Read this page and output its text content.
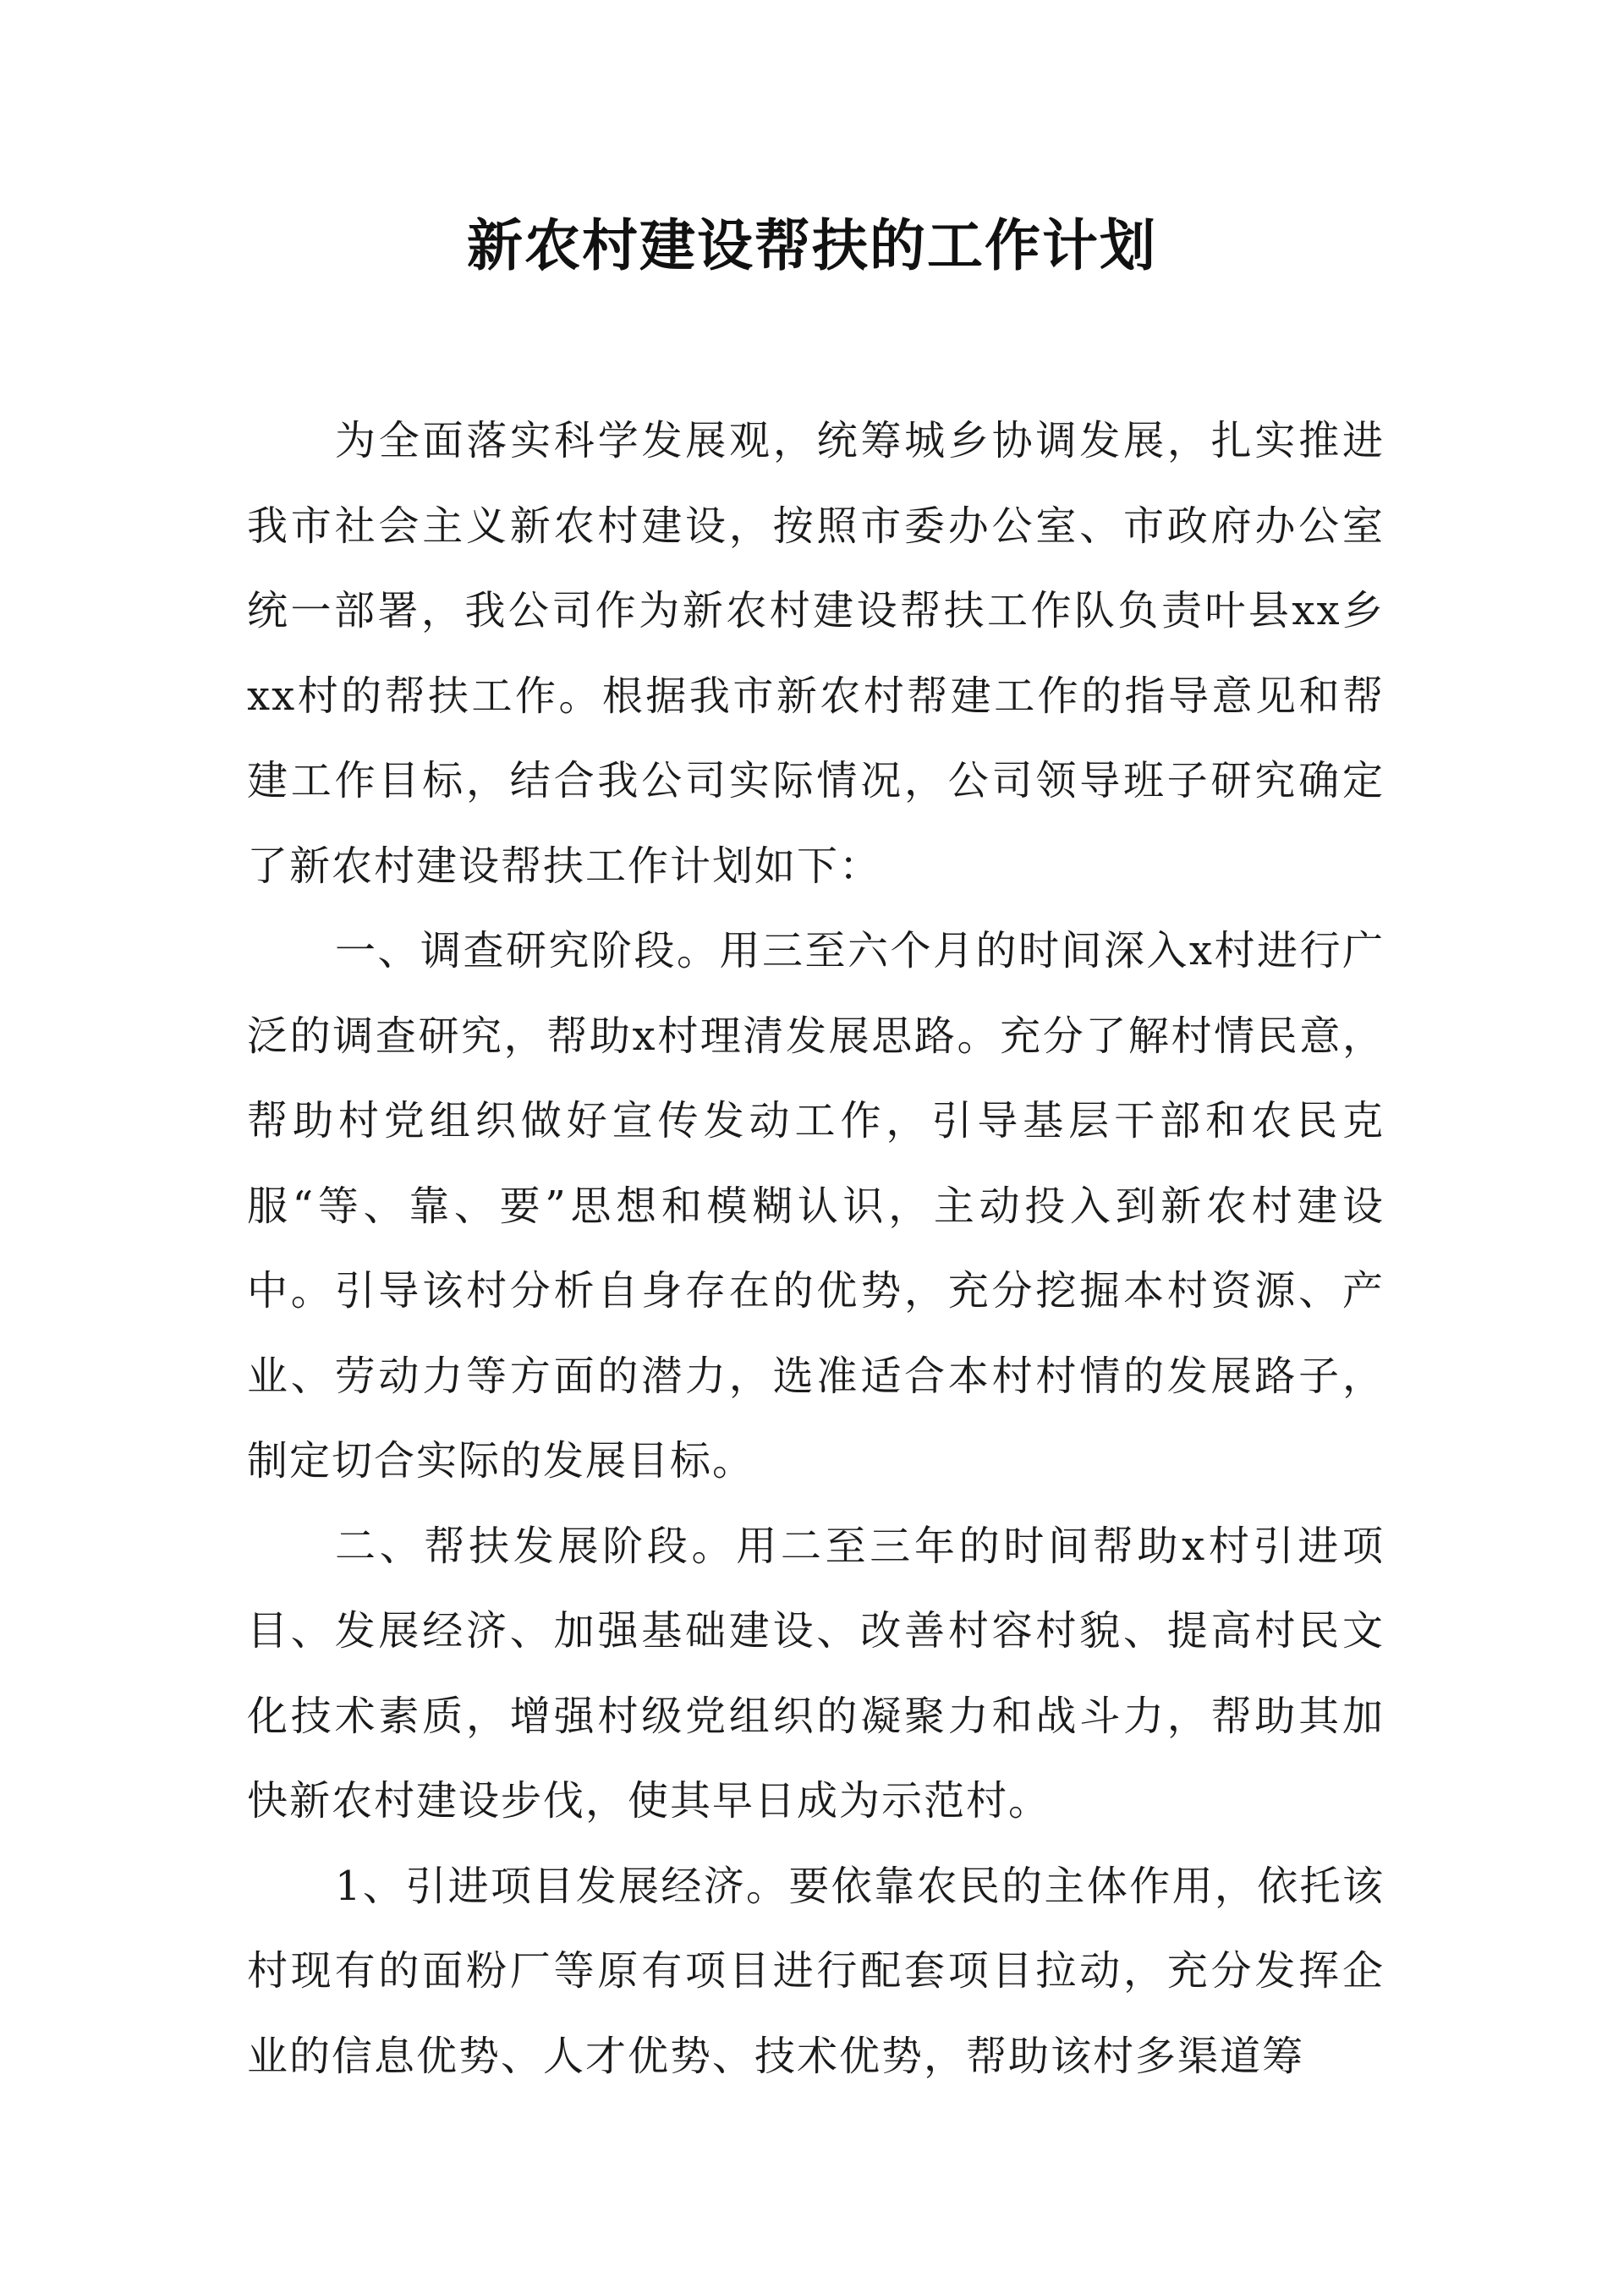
新农村建设帮扶的工作计划

为全面落实科学发展观，统筹城乡协调发展，扎实推进我市社会主义新农村建设，按照市委办公室、市政府办公室统一部署，我公司作为新农村建设帮扶工作队负责叶县xx乡xx村的帮扶工作。根据我市新农村帮建工作的指导意见和帮建工作目标，结合我公司实际情况，公司领导班子研究确定了新农村建设帮扶工作计划如下：

一、调查研究阶段。用三至六个月的时间深入x村进行广泛的调查研究，帮助x村理清发展思路。充分了解村情民意，帮助村党组织做好宣传发动工作，引导基层干部和农民克服“等、靠、要”思想和模糊认识，主动投入到新农村建设中。引导该村分析自身存在的优势，充分挖掘本村资源、产业、劳动力等方面的潜力，选准适合本村村情的发展路子，制定切合实际的发展目标。

二、帮扶发展阶段。用二至三年的时间帮助x村引进项目、发展经济、加强基础建设、改善村容村貌、提高村民文化技术素质，增强村级党组织的凝聚力和战斗力，帮助其加快新农村建设步伐，使其早日成为示范村。

1、引进项目发展经济。要依靠农民的主体作用，依托该村现有的面粉厂等原有项目进行配套项目拉动，充分发挥企业的信息优势、人才优势、技术优势，帮助该村多渠道筹
